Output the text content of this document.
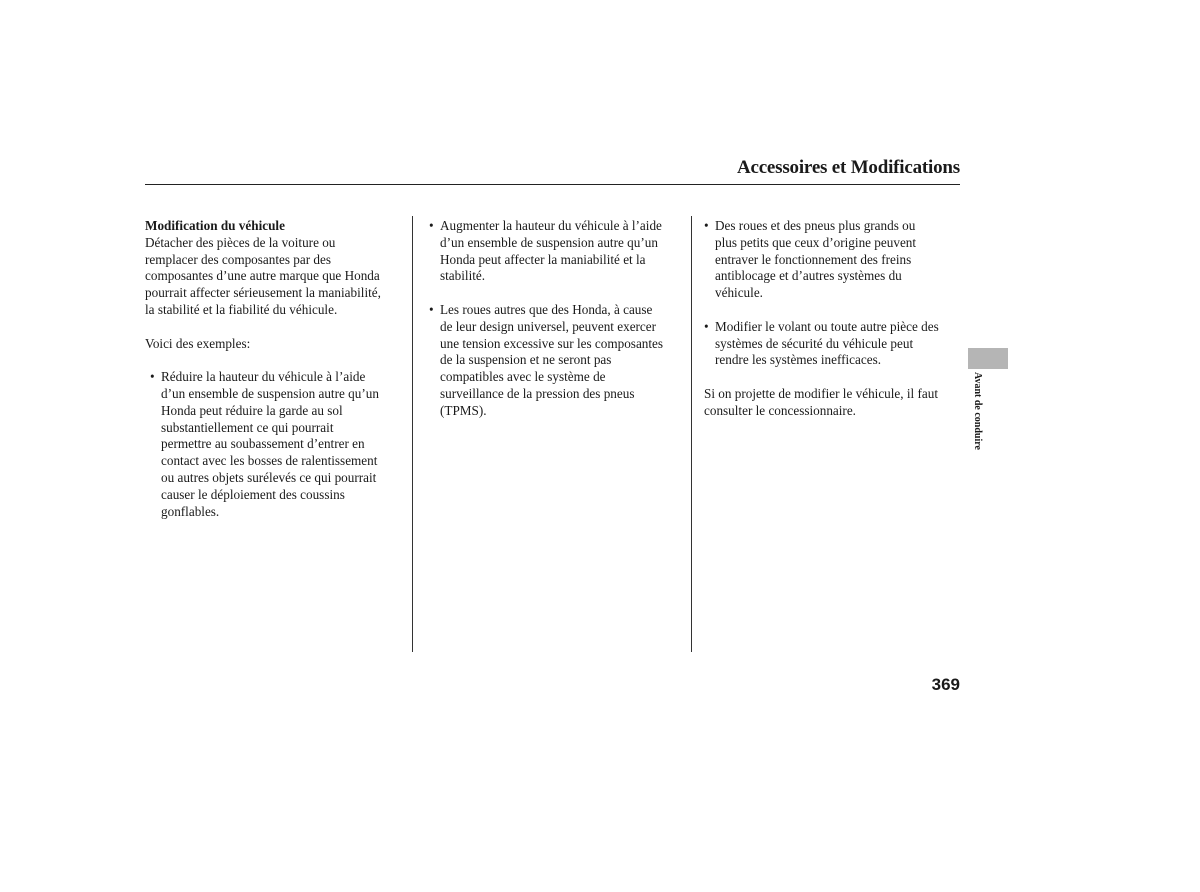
Accessoires et Modifications

Modification du véhicule

Détacher des pièces de la voiture ou
remplacer des composantes par des
composantes d’une autre marque que Honda
pourrait affecter sérieusement la maniabilité,
la stabilité et la fiabilité du véhicule.

Voici des exemples:

• Réduire la hauteur du véhicule à l’aide
d’un ensemble de suspension autre qu’un
Honda peut réduire la garde au sol
substantiellement ce qui pourrait
permettre au soubassement d’entrer en
contact avec les bosses de ralentissement
ou autres objets surélevés ce qui pourrait
causer le déploiement des coussins
gonflables.
• Augmenter la hauteur du véhicule à l’aide
d’un ensemble de suspension autre qu’un
Honda peut affecter la maniabilité et la
stabilité.
• Les roues autres que des Honda, à cause
de leur design universel, peuvent exercer
une tension excessive sur les composantes
de la suspension et ne seront pas
compatibles avec le système de
surveillance de la pression des pneus
(TPMS).
• Des roues et des pneus plus grands ou
plus petits que ceux d’origine peuvent
entraver le fonctionnement des freins
antiblocage et d’autres systèmes du
véhicule.
• Modifier le volant ou toute autre pièce des
systèmes de sécurité du véhicule peut
rendre les systèmes inefficaces.
Si on projette de modifier le véhicule, il faut
consulter le concessionnaire.	Avant de conduire
369
